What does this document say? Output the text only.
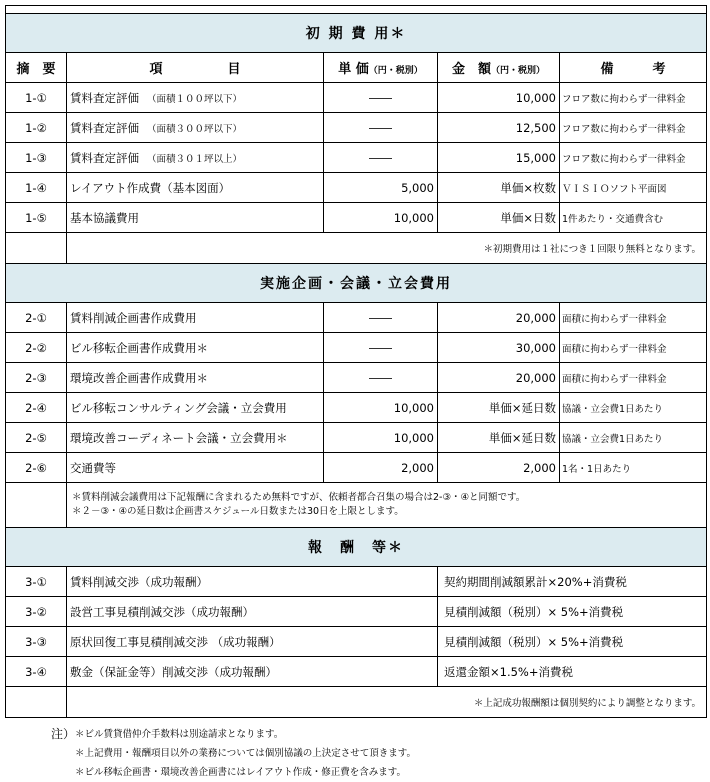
初 期 費 用＊				
摘　要	項　　　　　目	単 価（円・税別）	金　額（円・税別）	備　　　考
1-①	賃料査定評価 （面積１００坪以下）	――	10,000	フロア数に拘わらず一律料金
1-②	賃料査定評価 （面積３００坪以下）	――	12,500	フロア数に拘わらず一律料金
1-③	賃料査定評価 （面積３０１坪以上）	――	15,000	フロア数に拘わらず一律料金
1-④	レイアウト作成費（基本図面）	5,000	単価×枚数	ＶＩＳＩＯソフト平面図
1-⑤	基本協議費用	10,000	単価×日数	1件あたり・交通費含む
	＊初期費用は１社につき１回限り無料となります。			
実施企画・会議・立会費用				
2-①	賃料削減企画書作成費用	――	20,000	面積に拘わらず一律料金
2-②	ビル移転企画書作成費用＊	――	30,000	面積に拘わらず一律料金
2-③	環境改善企画書作成費用＊	――	20,000	面積に拘わらず一律料金
2-④	ビル移転コンサルティング会議・立会費用	10,000	単価×延日数	協議・立会費1日あたり
2-⑤	環境改善コーディネート会議・立会費用＊	10,000	単価×延日数	協議・立会費1日あたり
2-⑥	交通費等	2,000	2,000	1名・1日あたり

	＊賃料削減会議費用は下記報酬に含まれるため無料ですが、依頼者都合召集の場合は2-③・④と同額です。
＊２－③・④の延日数は企画書スケジュール日数または30日を上限とします。			

報　酬　等＊				
3-①	賃料削減交渉（成功報酬）		契約期間削減額累計×20%+消費税	
3-②	設営工事見積削減交渉（成功報酬）		見積削減額（税別）× 5%+消費税	
3-③	原状回復工事見積削減交渉 （成功報酬）		見積削減額（税別）× 5%+消費税	
3-④	敷金（保証金等）削減交渉（成功報酬）		返還金額×1.5%+消費税	
	＊上記成功報酬額は個別契約により調整となります。			
注） ＊ビル賃貸借仲介手数料は別途請求となります。
＊上記費用・報酬項目以外の業務については個別協議の上決定させて頂きます。
＊ビル移転企画書・環境改善企画書にはレイアウト作成・修正費を含みます。
